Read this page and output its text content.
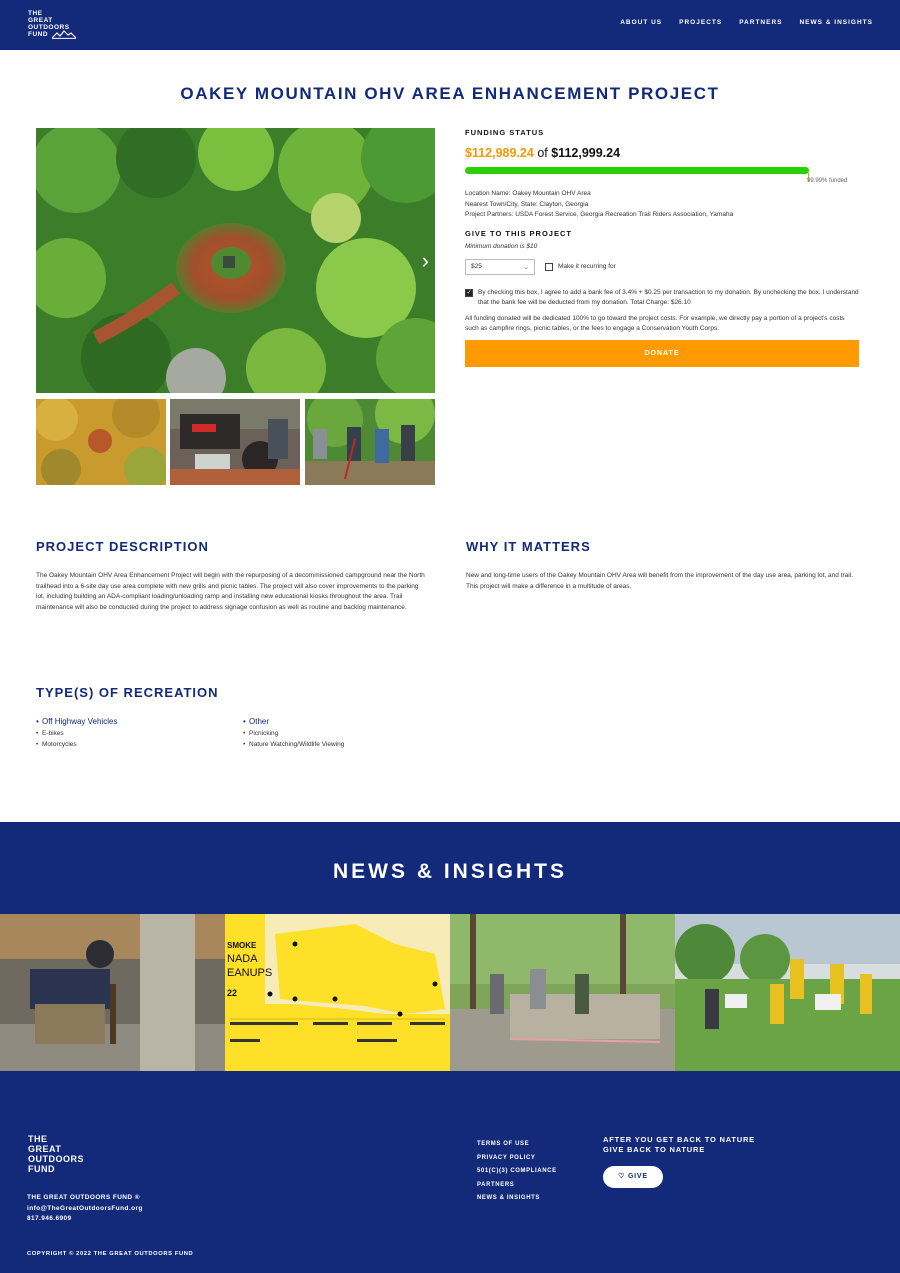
THE
GREAT
OUTDOORS
FUND
ABOUT US	PROJECTS	PARTNERS	NEWS & INSIGHTS
OAKEY MOUNTAIN OHV AREA ENHANCEMENT PROJECT
›
FUNDING STATUS
$112,989.24 of $112,999.24
99.99% funded
Location Name: Oakey Mountain OHV Area
Nearest Town/City, State: Clayton, Georgia
Project Partners: USDA Forest Service, Georgia Recreation Trail Riders Association, Yamaha
GIVE TO THIS PROJECT
Minimum donation is $10
$25	⌄	Make it recurring for
✓ By checking this box, I agree to add a bank fee of 3.4% + $0.25 per transaction to my donation. By unchecking the box, I understand that the bank fee will be deducted from my donation. Total Charge: $26.10
All funding donated will be dedicated 100% to go toward the project costs. For example, we directly pay a portion of a project's costs such as campfire rings, picnic tables, or the fees to engage a Conservation Youth Corps.
DONATE
PROJECT DESCRIPTION

The Oakey Mountain OHV Area Enhancement Project will begin with the repurposing of a decommissioned campground near the North trailhead into a 6-site day use area complete with new grills and picnic tables. The project will also cover improvements to the parking lot, including building an ADA-compliant loading/unloading ramp and installing new educational kiosks throughout the area. Trail maintenance will also be conducted during the project to address signage confusion as well as routine and backlog maintenance.

WHY IT MATTERS

New and long-time users of the Oakey Mountain OHV Area will benefit from the improvement of the day use area, parking lot, and trail. This project will make a difference in a multitude of areas.

TYPE(S) OF RECREATION
• Off Highway Vehicles
• E-bikes
• Motorcycles
• Other
• Picnicking
• Nature Watching/Wildlife Viewing
NEWS & INSIGHTS
SMOKE
NADA
EANUPS
22
THE
GREAT
OUTDOORS
FUND
THE GREAT OUTDOORS FUND ®
info@TheGreatOutdoorsFund.org
817.946.6909
TERMS OF USE
PRIVACY POLICY
501(C)(3) COMPLIANCE
PARTNERS
NEWS & INSIGHTS
AFTER YOU GET BACK TO NATURE
GIVE BACK TO NATURE
♡ GIVE
COPYRIGHT © 2022 THE GREAT OUTDOORS FUND
